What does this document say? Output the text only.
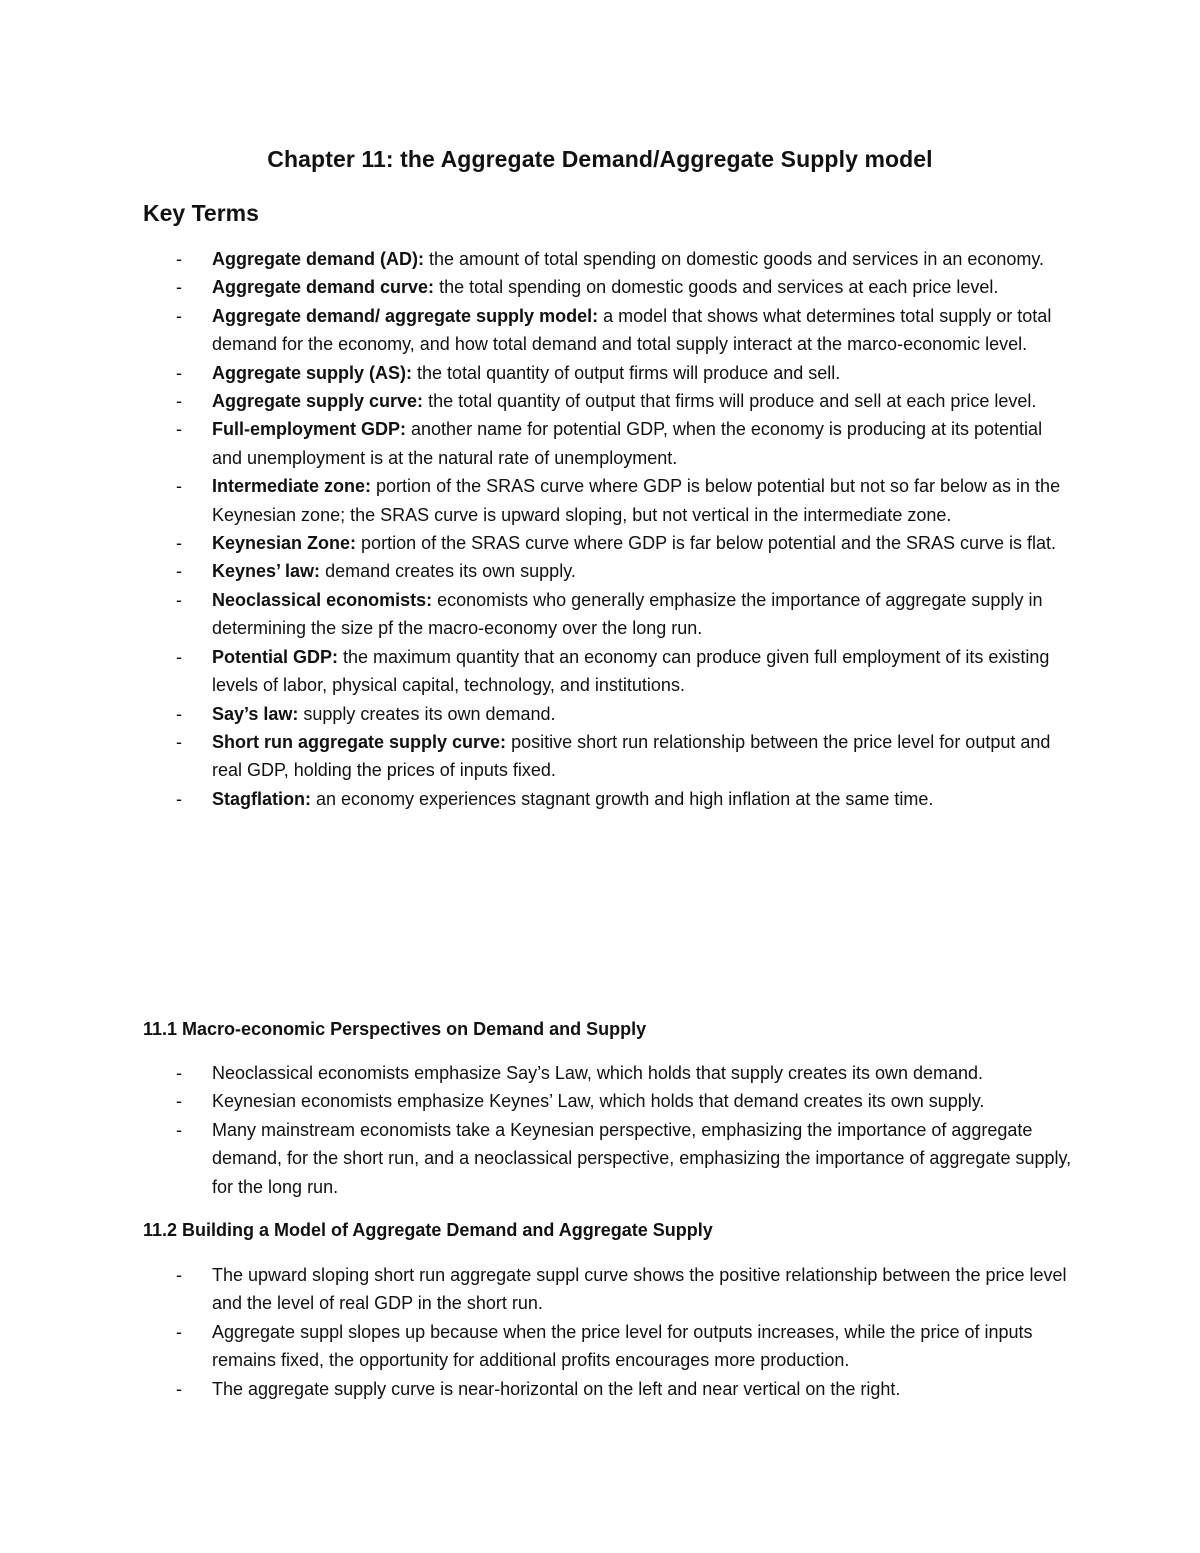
Chapter 11: the Aggregate Demand/Aggregate Supply model
Key Terms
- Aggregate demand (AD): the amount of total spending on domestic goods and services in an economy.
- Aggregate demand curve: the total spending on domestic goods and services at each price level.
- Aggregate demand/ aggregate supply model: a model that shows what determines total supply or total demand for the economy, and how total demand and total supply interact at the marco-economic level.
- Aggregate supply (AS): the total quantity of output firms will produce and sell.
- Aggregate supply curve: the total quantity of output that firms will produce and sell at each price level.
- Full-employment GDP: another name for potential GDP, when the economy is producing at its potential and unemployment is at the natural rate of unemployment.
- Intermediate zone: portion of the SRAS curve where GDP is below potential but not so far below as in the Keynesian zone; the SRAS curve is upward sloping, but not vertical in the intermediate zone.
- Keynesian Zone: portion of the SRAS curve where GDP is far below potential and the SRAS curve is flat.
- Keynes’ law: demand creates its own supply.
- Neoclassical economists: economists who generally emphasize the importance of aggregate supply in determining the size pf the macro-economy over the long run.
- Potential GDP: the maximum quantity that an economy can produce given full employment of its existing levels of labor, physical capital, technology, and institutions.
- Say’s law: supply creates its own demand.
- Short run aggregate supply curve: positive short run relationship between the price level for output and real GDP, holding the prices of inputs fixed.
- Stagflation: an economy experiences stagnant growth and high inflation at the same time.
11.1 Macro-economic Perspectives on Demand and Supply
- Neoclassical economists emphasize Say’s Law, which holds that supply creates its own demand.
- Keynesian economists emphasize Keynes’ Law, which holds that demand creates its own supply.
- Many mainstream economists take a Keynesian perspective, emphasizing the importance of aggregate demand, for the short run, and a neoclassical perspective, emphasizing the importance of aggregate supply, for the long run.
11.2 Building a Model of Aggregate Demand and Aggregate Supply
- The upward sloping short run aggregate suppl curve shows the positive relationship between the price level and the level of real GDP in the short run.
- Aggregate suppl slopes up because when the price level for outputs increases, while the price of inputs remains fixed, the opportunity for additional profits encourages more production.
- The aggregate supply curve is near-horizontal on the left and near vertical on the right.
